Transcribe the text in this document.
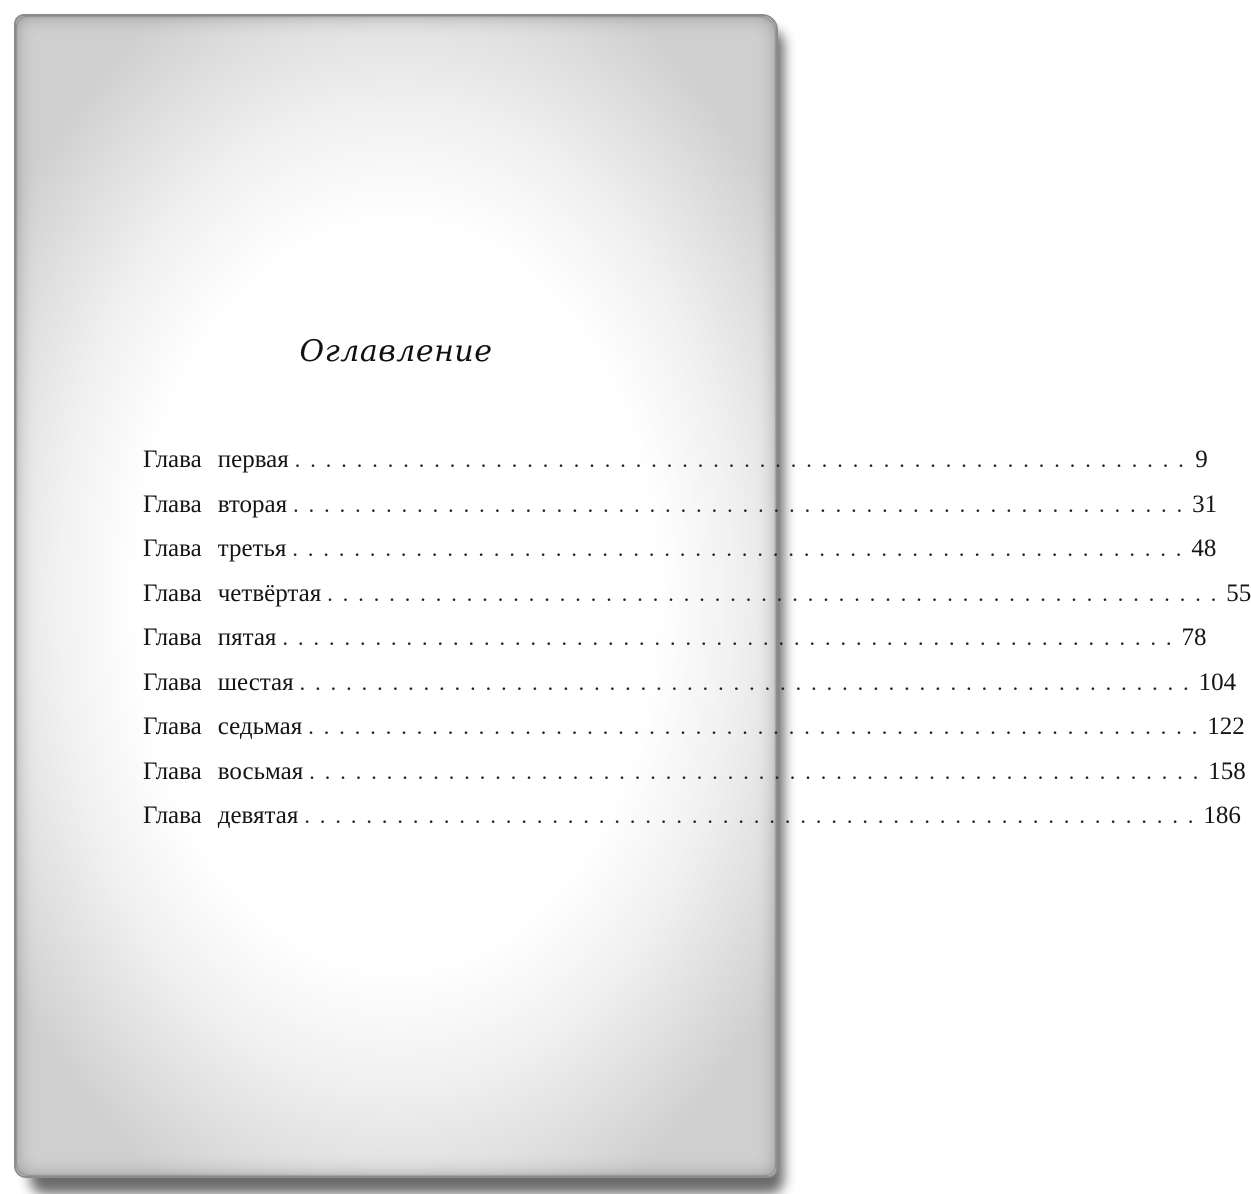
Оглавление
Глава первая .......................................................... 9
Глава вторая .......................................................... 31
Глава третья .......................................................... 48
Глава четвёртая .......................................................... 55
Глава пятая .......................................................... 78
Глава шестая .......................................................... 104
Глава седьмая .......................................................... 122
Глава восьмая .......................................................... 158
Глава девятая .......................................................... 186
